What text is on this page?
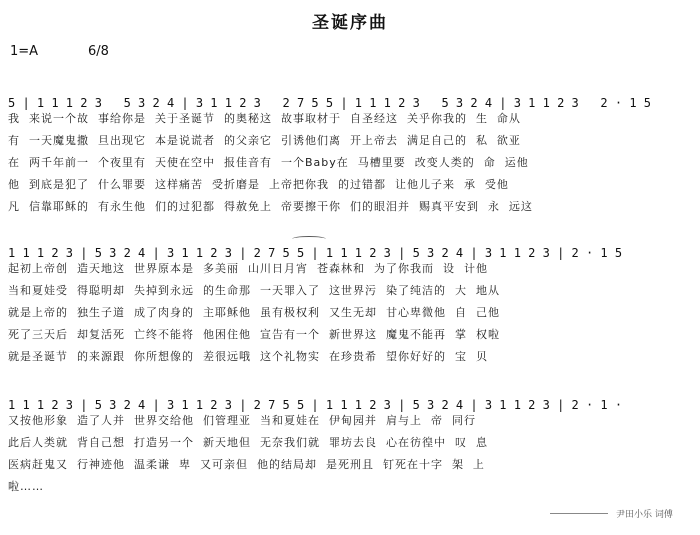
圣诞序曲
1=A	6/8
5 | 1 1 1 2 3   5 3 2 4 | 3 1 1 2 3   2 7 5 5 | 1 1 1 2 3   5 3 2 4 | 3 1 1 2 3   2 · 1 5
我  来说一个故  事给你是  关于圣诞节  的奥秘这  故事取材于  自圣经这  关乎你我的  生  命从
有  一天魔鬼撒  旦出现它  本是说谎者  的父亲它  引诱他们离  开上帝去  满足自己的  私  欲亚
在  两千年前一  个夜里有  天使在空中  报佳音有  一个Baby在  马槽里要  改变人类的  命  运他
他  到底是犯了  什么罪要  这样痛苦  受折磨是  上帝把你我  的过错都  让他儿子来  承  受他
凡  信靠耶稣的  有永生他  们的过犯都  得赦免上  帝要擦干你  们的眼泪并  赐真平安到  永  远这
1 1 1 2 3 | 5 3 2 4 | 3 1 1 2 3 | 2 7 5 5 | 1 1 1 2 3 | 5 3 2 4 | 3 1 1 2 3 | 2 · 1 5
起初上帝创  造天地这  世界原本是  多美丽  山川日月宵  苍森林和  为了你我而  设  计他
当和夏娃受  得聪明却  失掉到永远  的生命那  一天罪入了  这世界污  染了纯洁的  大  地从
就是上帝的  独生子道  成了肉身的  主耶稣他  虽有极权利  又生无却  甘心卑微他  自  己他
死了三天后  却复活死  亡终不能将  他困住他  宣告有一个  新世界这  魔鬼不能再  掌  权啦
就是圣诞节  的来源跟  你所想像的  差很远哦  这个礼物实  在珍贵希  望你好好的  宝  贝
1 1 1 2 3 | 5 3 2 4 | 3 1 1 2 3 | 2 7 5 5 | 1 1 1 2 3 | 5 3 2 4 | 3 1 1 2 3 | 2 · 1 ·
又按他形象  造了人并  世界交给他  们管理亚  当和夏娃在  伊甸园并  肩与上  帝  同行
此后人类就  背自己想  打造另一个  新天地但  无奈我们就  罪坊去良  心在彷徨中  叹  息
医病赶鬼又  行神迹他  温柔谦  卑  又可亲但  他的结局却  是死刑且  钉死在十字  架  上
啦……
尹田小乐 词傅
